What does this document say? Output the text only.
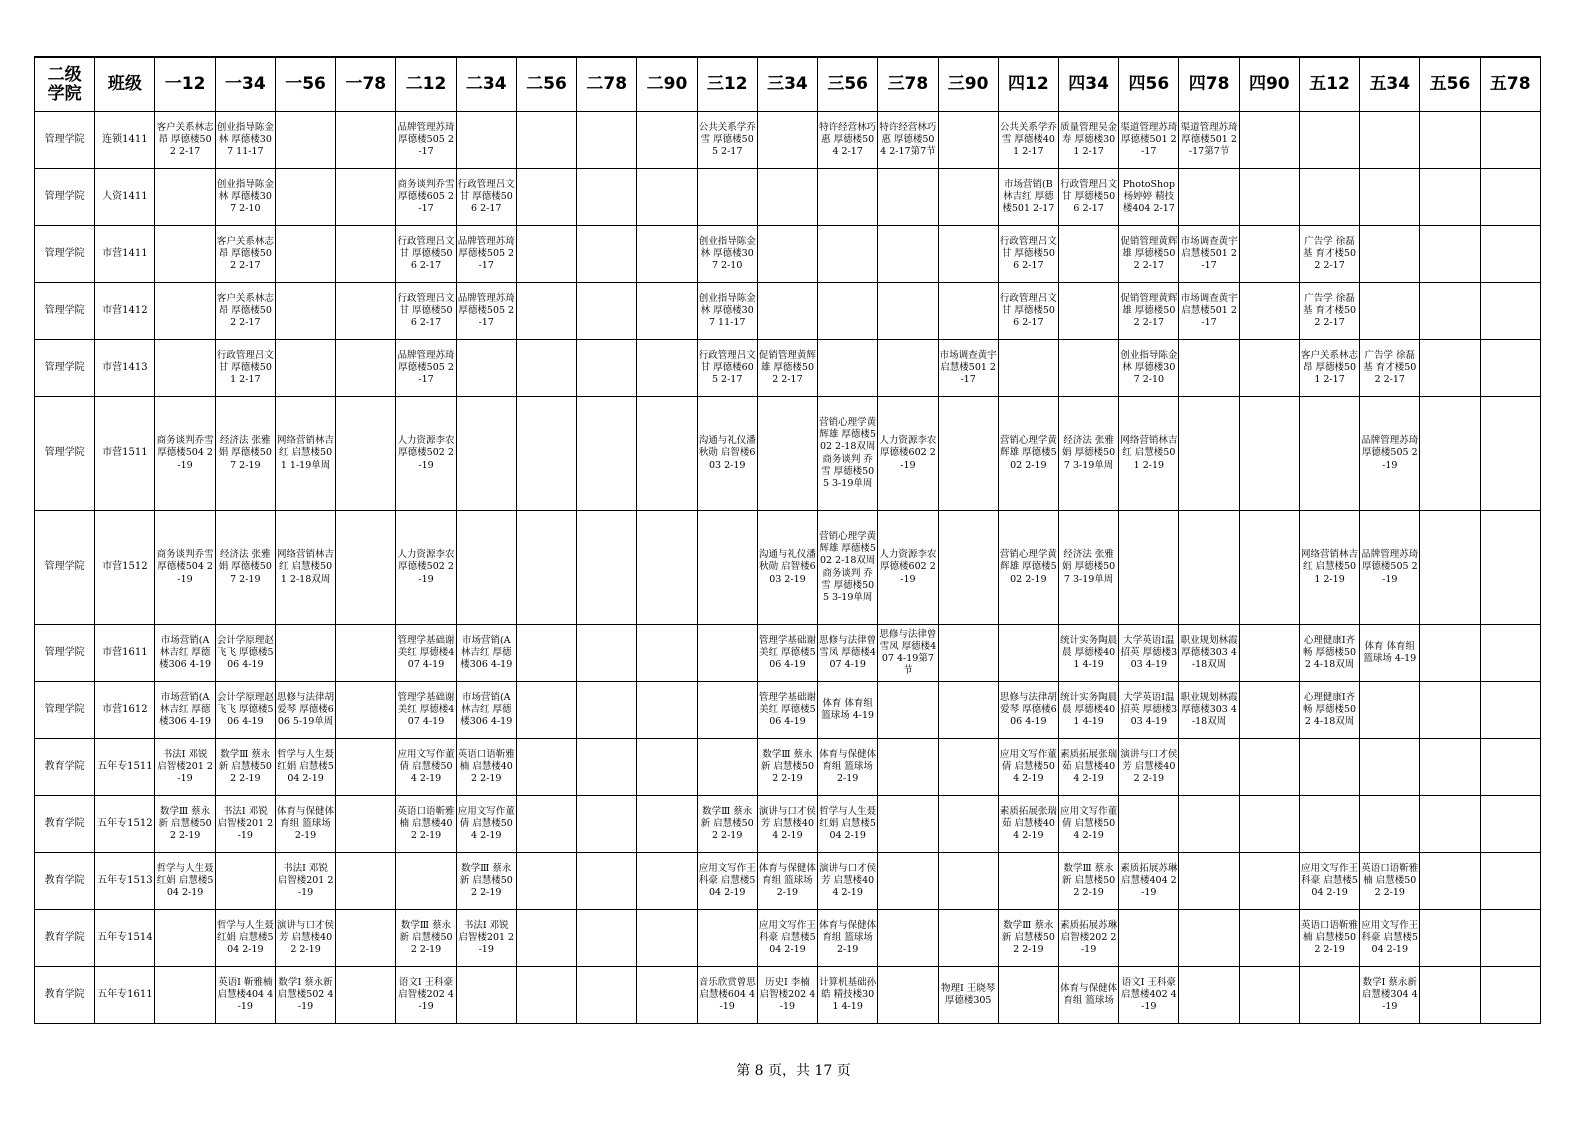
二级学院	班级	一12	一34	一56	一78	二12	二34	二56	二78	二90	三12	三34	三56	三78	三90	四12	四34	四56	四78	四90	五12	五34	五56	五78
管理学院	连锁1411	客户关系林志昂 厚德楼502 2-17	创业指导陈金林 厚德楼307 11-17			品牌管理苏琦 厚德楼505 2-17					公共关系学乔雪 厚德楼505 2-17		特许经营林巧惠 厚德楼504 2-17	特许经营林巧惠 厚德楼504 2-17第7节		公共关系学乔雪 厚德楼401 2-17	质量管理吴金寿 厚德楼301 2-17	渠道管理苏琦 厚德楼501 2-17	渠道管理苏琦 厚德楼501 2-17第7节					
管理学院	人资1411		创业指导陈金林 厚德楼307 2-10			商务谈判乔雪 厚德楼605 2-17	行政管理吕文甘 厚德楼506 2-17									市场营销(B林吉红 厚德楼501 2-17	行政管理吕文甘 厚德楼506 2-17	PhotoShop杨婷婷 精技楼404 2-17						
管理学院	市营1411		客户关系林志昂 厚德楼502 2-17			行政管理吕文甘 厚德楼506 2-17	品牌管理苏琦 厚德楼505 2-17				创业指导陈金林 厚德楼307 2-10					行政管理吕文甘 厚德楼506 2-17		促销管理黄辉雄 厚德楼502 2-17	市场调查黄宇 启慧楼501 2-17		广告学 徐磊基 育才楼502 2-17			
管理学院	市营1412		客户关系林志昂 厚德楼502 2-17			行政管理吕文甘 厚德楼506 2-17	品牌管理苏琦 厚德楼505 2-17				创业指导陈金林 厚德楼307 11-17					行政管理吕文甘 厚德楼506 2-17		促销管理黄辉雄 厚德楼502 2-17	市场调查黄宇 启慧楼501 2-17		广告学 徐磊基 育才楼502 2-17			
管理学院	市营1413		行政管理吕文甘 厚德楼501 2-17			品牌管理苏琦 厚德楼505 2-17					行政管理吕文甘 厚德楼605 2-17	促销管理黄辉雄 厚德楼502 2-17			市场调查黄宇 启慧楼501 2-17			创业指导陈金林 厚德楼307 2-10			客户关系林志昂 厚德楼501 2-17	广告学 徐磊基 育才楼502 2-17		
管理学院	市营1511	商务谈判乔雪 厚德楼504 2-19	经济法 张雅娟 厚德楼507 2-19	网络营销林吉红 启慧楼501 1-19单周		人力资源李农 厚德楼502 2-19					沟通与礼仪潘秋勋 启智楼603 2-19		营销心理学黄辉雄 厚德楼502 2-18双周 商务谈判 乔雪 厚德楼505 3-19单周	人力资源李农 厚德楼602 2-19		营销心理学黄辉雄 厚德楼502 2-19	经济法 张雅娟 厚德楼507 3-19单周	网络营销林吉红 启慧楼501 2-19				品牌管理苏琦 厚德楼505 2-19		
管理学院	市营1512	商务谈判乔雪 厚德楼504 2-19	经济法 张雅娟 厚德楼507 2-19	网络营销林吉红 启慧楼501 2-18双周		人力资源李农 厚德楼502 2-19						沟通与礼仪潘秋勋 启智楼603 2-19	营销心理学黄辉雄 厚德楼502 2-18双周 商务谈判 乔雪 厚德楼505 3-19单周	人力资源李农 厚德楼602 2-19		营销心理学黄辉雄 厚德楼502 2-19	经济法 张雅娟 厚德楼507 3-19单周				网络营销林吉红 启慧楼501 2-19	品牌管理苏琦 厚德楼505 2-19		
管理学院	市营1611	市场营销(A林吉红 厚德楼306 4-19	会计学原理赵飞飞 厚德楼506 4-19			管理学基础谢美红 厚德楼407 4-19	市场营销(A林吉红 厚德楼306 4-19					管理学基础谢美红 厚德楼506 4-19	思修与法律曾雪凤 厚德楼407 4-19	思修与法律曾雪凤 厚德楼407 4-19第7节			统计实务陶晨晨 厚德楼401 4-19	大学英语Ⅰ温招英 厚德楼303 4-19	职业规划林霞 厚德楼303 4-18双周		心理健康Ⅰ齐畅 厚德楼502 4-18双周	体育 体育组 篮球场 4-19		
管理学院	市营1612	市场营销(A林吉红 厚德楼306 4-19	会计学原理赵飞飞 厚德楼506 4-19	思修与法律胡爱琴 厚德楼606 5-19单周		管理学基础谢美红 厚德楼407 4-19	市场营销(A林吉红 厚德楼306 4-19					管理学基础谢美红 厚德楼506 4-19	体育 体育组 篮球场 4-19			思修与法律胡爱琴 厚德楼606 4-19	统计实务陶晨晨 厚德楼401 4-19	大学英语Ⅰ温招英 厚德楼303 4-19	职业规划林霞 厚德楼303 4-18双周		心理健康Ⅰ齐畅 厚德楼502 4-18双周			
教育学院	五年专1511	书法Ⅰ 邓锐 启智楼201 2-19	数学Ⅲ 蔡永新 启慧楼502 2-19	哲学与人生聂红娟 启慧楼504 2-19		应用文写作董倩 启慧楼504 2-19	英语口语靳雅楠 启慧楼402 2-19					数学Ⅲ 蔡永新 启慧楼502 2-19	体育与保健体育组 篮球场 2-19			应用文写作董倩 启慧楼504 2-19	素质拓展张瑞茹 启慧楼404 2-19	演讲与口才侯芳 启慧楼402 2-19						
教育学院	五年专1512	数学Ⅲ 蔡永新 启慧楼502 2-19	书法Ⅰ 邓锐 启智楼201 2-19	体育与保健体育组 篮球场 2-19		英语口语靳雅楠 启慧楼402 2-19	应用文写作董倩 启慧楼504 2-19				数学Ⅲ 蔡永新 启慧楼502 2-19	演讲与口才侯芳 启慧楼404 2-19	哲学与人生聂红娟 启慧楼504 2-19			素质拓展张瑞茹 启慧楼404 2-19	应用文写作董倩 启慧楼504 2-19							
教育学院	五年专1513	哲学与人生聂红娟 启慧楼504 2-19		书法Ⅰ 邓锐 启智楼201 2-19			数学Ⅲ 蔡永新 启慧楼502 2-19				应用文写作王科豪 启慧楼504 2-19	体育与保健体育组 篮球场 2-19	演讲与口才侯芳 启慧楼404 2-19				数学Ⅲ 蔡永新 启慧楼502 2-19	素质拓展苏琳 启慧楼404 2-19			应用文写作王科豪 启慧楼504 2-19	英语口语靳雅楠 启慧楼502 2-19		
教育学院	五年专1514		哲学与人生聂红娟 启慧楼504 2-19	演讲与口才侯芳 启慧楼402 2-19		数学Ⅲ 蔡永新 启慧楼502 2-19	书法Ⅰ 邓锐 启智楼201 2-19					应用文写作王科豪 启慧楼504 2-19	体育与保健体育组 篮球场 2-19			数学Ⅲ 蔡永新 启慧楼502 2-19	素质拓展苏琳 启智楼202 2-19				英语口语靳雅楠 启慧楼502 2-19	应用文写作王科豪 启慧楼504 2-19		
教育学院	五年专1611		英语Ⅰ 靳雅楠 启慧楼404 4-19	数学Ⅰ 蔡永新 启慧楼502 4-19		语文Ⅰ 王科豪 启智楼202 4-19					音乐欣赏曾思 启慧楼604 4-19	历史Ⅰ 李楠 启智楼202 4-19	计算机基础孙皓 精技楼301 4-19		物理Ⅰ 王晓琴 厚德楼305		体育与保健体育组 篮球场	语文Ⅰ 王科豪 启慧楼402 4-19				数学Ⅰ 蔡永新 启慧楼304 4-19		
第 8 页，共 17 页
